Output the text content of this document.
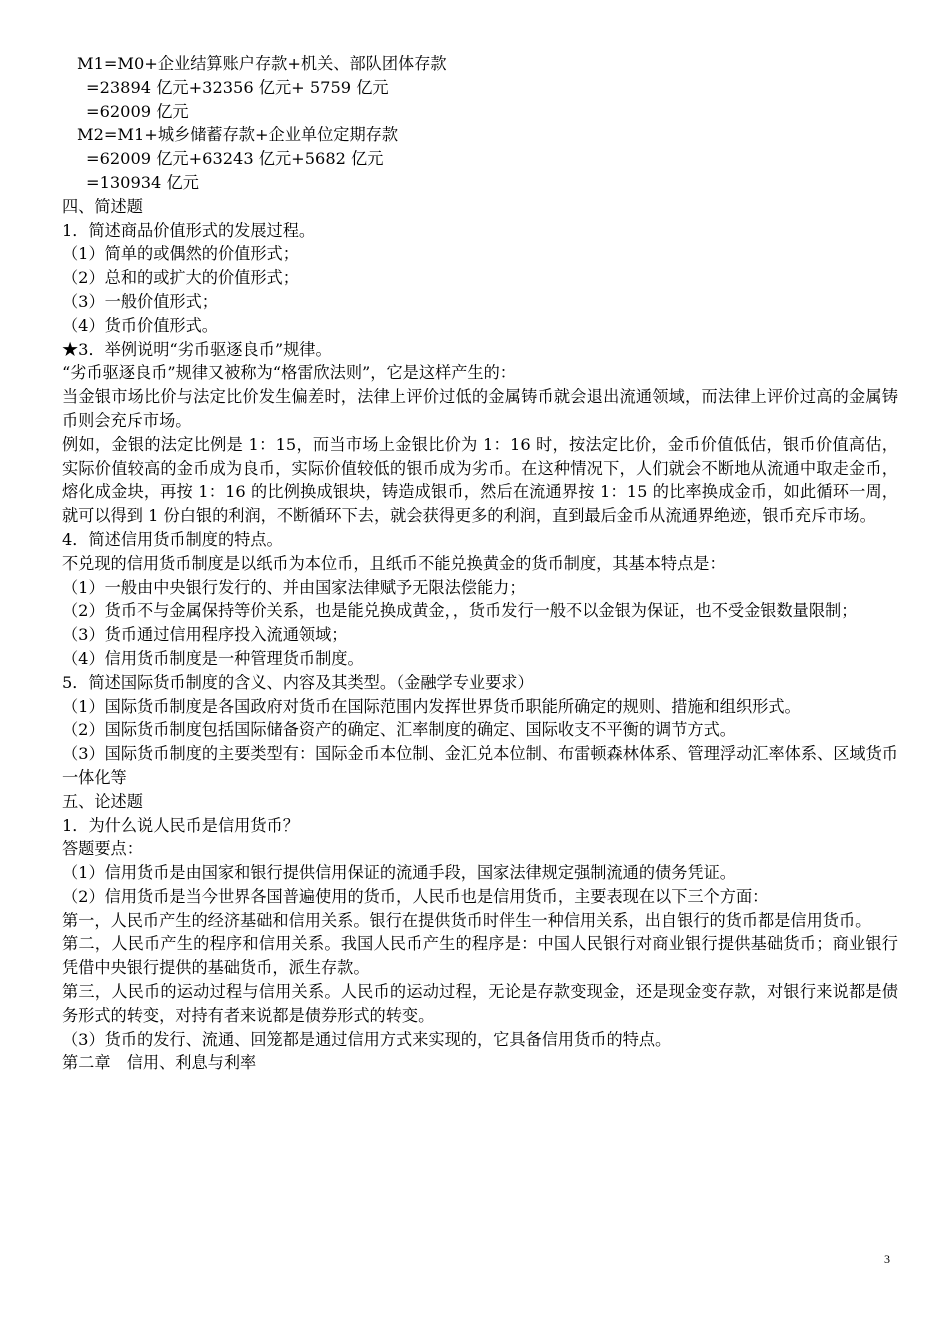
M1=M0+企业结算账户存款+机关、部队团体存款

=23894 亿元+32356 亿元+ 5759 亿元

=62009 亿元

M2=M1+城乡储蓄存款+企业单位定期存款

=62009 亿元+63243 亿元+5682 亿元

=130934 亿元

四、简述题

1．简述商品价值形式的发展过程。

（1）简单的或偶然的价值形式；

（2）总和的或扩大的价值形式；

（3）一般价值形式；

（4）货币价值形式。

★3．举例说明“劣币驱逐良币”规律。

“劣币驱逐良币”规律又被称为“格雷欣法则”，它是这样产生的：

当金银市场比价与法定比价发生偏差时，法律上评价过低的金属铸币就会退出流通领域，而法律上评价过高的金属铸币则会充斥市场。

例如，金银的法定比例是 1：15，而当市场上金银比价为 1：16 时，按法定比价，金币价值低估，银币价值高估，实际价值较高的金币成为良币，实际价值较低的银币成为劣币。在这种情况下，人们就会不断地从流通中取走金币，熔化成金块，再按 1：16 的比例换成银块，铸造成银币，然后在流通界按 1：15 的比率换成金币，如此循环一周，就可以得到 1 份白银的利润，不断循环下去，就会获得更多的利润，直到最后金币从流通界绝迹，银币充斥市场。

4．简述信用货币制度的特点。

不兑现的信用货币制度是以纸币为本位币，且纸币不能兑换黄金的货币制度，其基本特点是：

（1）一般由中央银行发行的、并由国家法律赋予无限法偿能力；

（2）货币不与金属保持等价关系，也是能兑换成黄金，，货币发行一般不以金银为保证，也不受金银数量限制；

（3）货币通过信用程序投入流通领域；

（4）信用货币制度是一种管理货币制度。

5．简述国际货币制度的含义、内容及其类型。（金融学专业要求）

（1）国际货币制度是各国政府对货币在国际范围内发挥世界货币职能所确定的规则、措施和组织形式。

（2）国际货币制度包括国际储备资产的确定、汇率制度的确定、国际收支不平衡的调节方式。

（3）国际货币制度的主要类型有：国际金币本位制、金汇兑本位制、布雷顿森林体系、管理浮动汇率体系、区域货币一体化等

五、论述题

1．为什么说人民币是信用货币？

答题要点：

（1）信用货币是由国家和银行提供信用保证的流通手段，国家法律规定强制流通的债务凭证。

（2）信用货币是当今世界各国普遍使用的货币，人民币也是信用货币，主要表现在以下三个方面：

第一，人民币产生的经济基础和信用关系。银行在提供货币时伴生一种信用关系，出自银行的货币都是信用货币。

第二，人民币产生的程序和信用关系。我国人民币产生的程序是：中国人民银行对商业银行提供基础货币；商业银行凭借中央银行提供的基础货币，派生存款。

第三，人民币的运动过程与信用关系。人民币的运动过程，无论是存款变现金，还是现金变存款，对银行来说都是债务形式的转变，对持有者来说都是债券形式的转变。

（3）货币的发行、流通、回笼都是通过信用方式来实现的，它具备信用货币的特点。

第二章　信用、利息与利率

3
